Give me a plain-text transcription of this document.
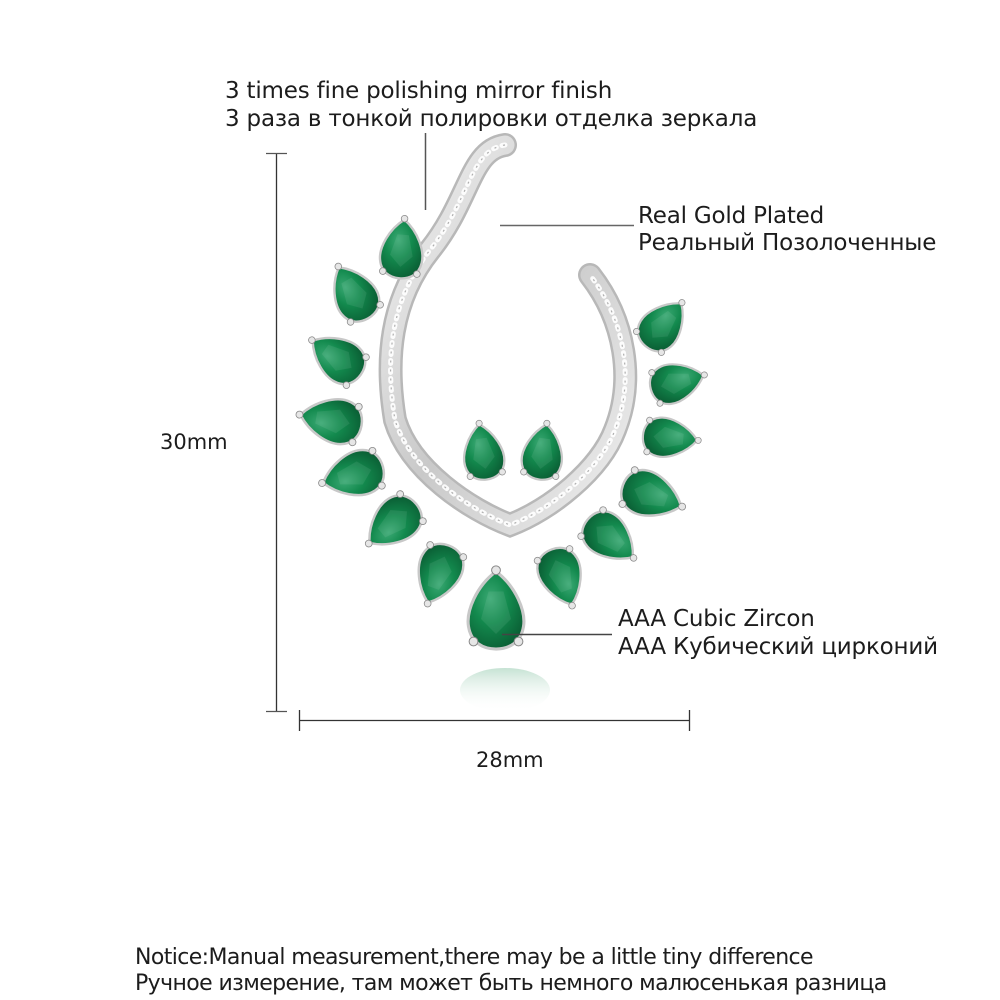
3 times fine polishing mirror finish
3 раза в тонкой полировки отделка зеркала
Real Gold Plated
Реальный Позолоченные
AAA Cubic Zircon
AAA Кубический цирконий
30mm
28mm
Notice:Manual measurement,there may be a little tiny difference
Ручное измерение, там может быть немного малюсенькая разница
